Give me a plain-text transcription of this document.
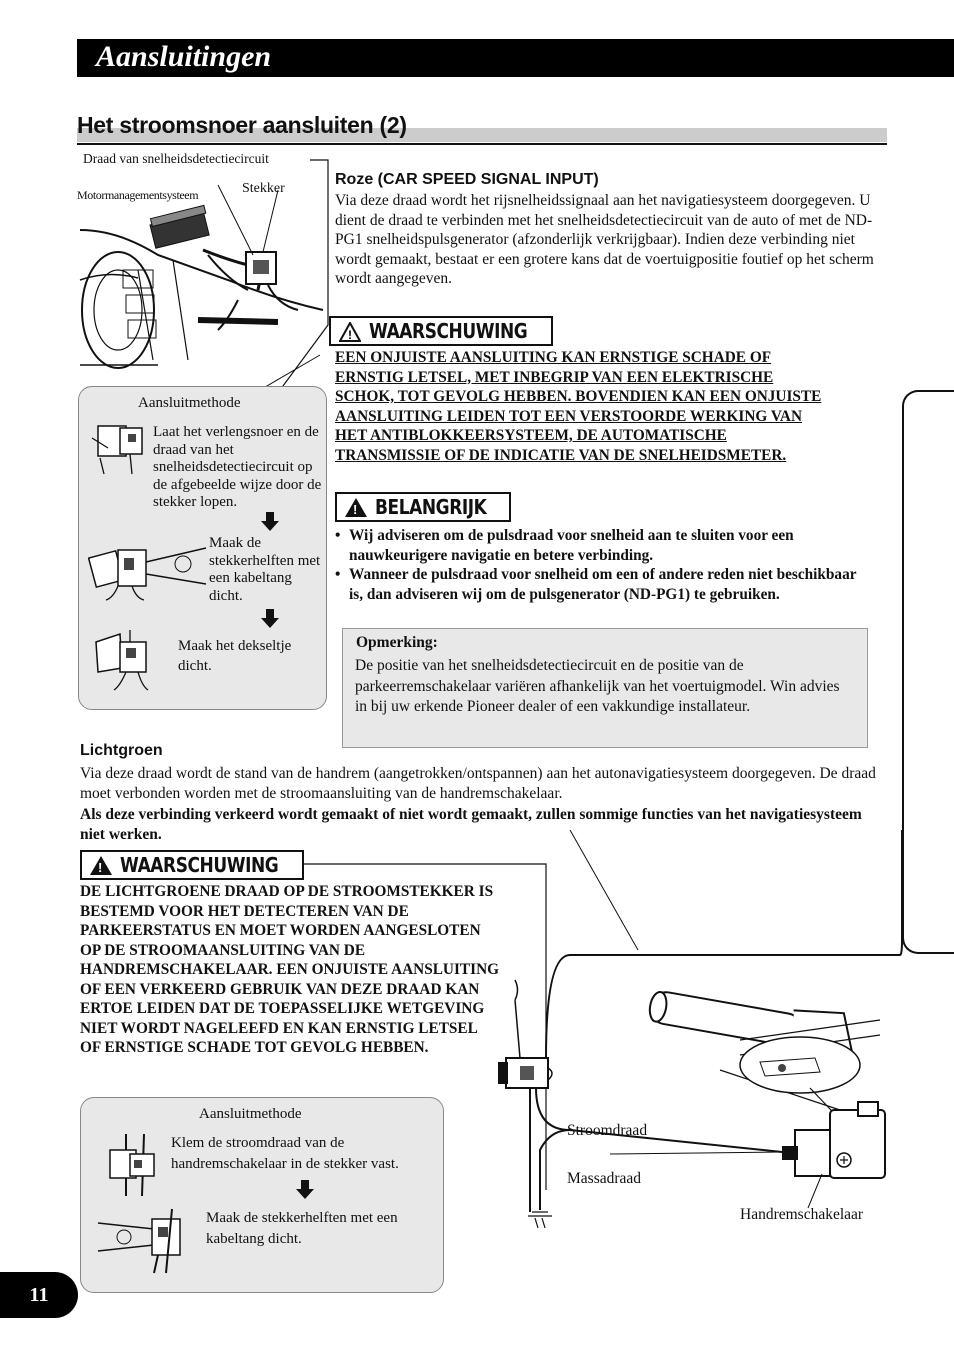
Aansluitingen
Het stroomsnoer aansluiten (2)
Draad van snelheidsdetectiecircuit
Motormanagementsysteem	Stekker
Aansluitmethode
Laat het verlengsnoer en de draad van het snelheidsdetectiecircuit op de afgebeelde wijze door de stekker lopen.
Maak de stekkerhelften met een kabeltang dicht.
Maak het dekseltje dicht.
Roze (CAR SPEED SIGNAL INPUT)
Via deze draad wordt het rijsnelheidssignaal aan het navigatiesysteem doorgegeven. U dient de draad te verbinden met het snelheidsdetectiecircuit van de auto of met de ND-PG1 snelheidspulsgenerator (afzonderlijk verkrijgbaar). Indien deze verbinding niet wordt gemaakt, bestaat er een grotere kans dat de voertuigpositie foutief op het scherm wordt aangegeven.
! WAARSCHUWING
EEN ONJUISTE AANSLUITING KAN ERNSTIGE SCHADE OF ERNSTIG LETSEL, MET INBEGRIP VAN EEN ELEKTRISCHE SCHOK, TOT GEVOLG HEBBEN. BOVENDIEN KAN EEN ONJUISTE AANSLUITING LEIDEN TOT EEN VERSTOORDE WERKING VAN HET ANTIBLOKKEERSYSTEEM, DE AUTOMATISCHE TRANSMISSIE OF DE INDICATIE VAN DE SNELHEIDSMETER.
! BELANGRIJK
• Wij adviseren om de pulsdraad voor snelheid aan te sluiten voor een nauwkeurigere navigatie en betere verbinding.
• Wanneer de pulsdraad voor snelheid om een of andere reden niet beschikbaar is, dan adviseren wij om de pulsgenerator (ND-PG1) te gebruiken.
Opmerking:
De positie van het snelheidsdetectiecircuit en de positie van de parkeerremschakelaar variëren afhankelijk van het voertuigmodel. Win advies in bij uw erkende Pioneer dealer of een vakkundige installateur.
Lichtgroen
Via deze draad wordt de stand van de handrem (aangetrokken/ontspannen) aan het autonavigatiesysteem doorgegeven. De draad moet verbonden worden met de stroomaansluiting van de handremschakelaar.
Als deze verbinding verkeerd wordt gemaakt of niet wordt gemaakt, zullen sommige functies van het navigatiesysteem niet werken.
! WAARSCHUWING
DE LICHTGROENE DRAAD OP DE STROOMSTEKKER IS BESTEMD VOOR HET DETECTEREN VAN DE PARKEERSTATUS EN MOET WORDEN AANGESLOTEN OP DE STROOMAANSLUITING VAN DE HANDREMSCHAKELAAR. EEN ONJUISTE AANSLUITING OF EEN VERKEERD GEBRUIK VAN DEZE DRAAD KAN ERTOE LEIDEN DAT DE TOEPASSELIJKE WETGEVING NIET WORDT NAGELEEFD EN KAN ERNSTIG LETSEL OF ERNSTIGE SCHADE TOT GEVOLG HEBBEN.
Aansluitmethode
Klem de stroomdraad van de handremschakelaar in de stekker vast.
Maak de stekkerhelften met een kabeltang dicht.
Stroomdraad
Massadraad
Handremschakelaar
11
